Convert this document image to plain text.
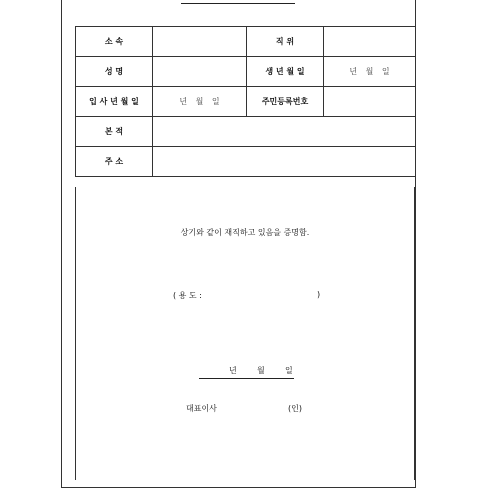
소 속		직 위	
성 명		생 년 월 일	년 월 일
입 사 년 월 일	년 월 일	주민등록번호	
본 적			
주 소			
상기와 같이 재직하고 있음을 증명함.
( 용 도 :	)
년	월	일
대표이사	(인)
